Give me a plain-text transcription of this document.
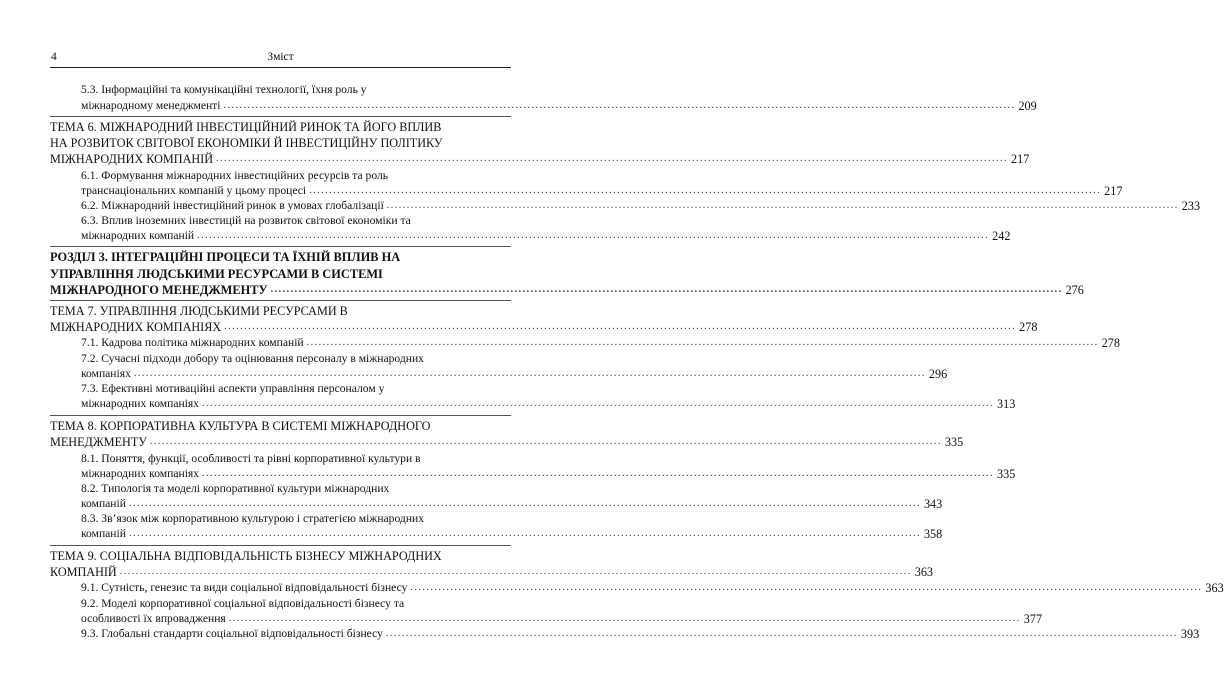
4	Зміст
5.3. Інформаційні та комунікаційні технології, їхня роль у
міжнародному менеджменті ...................................................................................................................................................................................................... 209
ТЕМА 6. МІЖНАРОДНИЙ ІНВЕСТИЦІЙНИЙ РИНОК ТА ЙОГО ВПЛИВ
НА РОЗВИТОК СВІТОВОЇ ЕКОНОМІКИ Й ІНВЕСТИЦІЙНУ ПОЛІТИКУ
МІЖНАРОДНИХ КОМПАНІЙ ...................................................................................................................................................................................................... 217
6.1. Формування міжнародних інвестиційних ресурсів та роль
транснаціональних компаній у цьому процесі ...................................................................................................................................................................................................... 217
6.2. Міжнародний інвестиційний ринок в умовах глобалізації ...................................................................................................................................................................................................... 233
6.3. Вплив іноземних інвестицій на розвиток світової економіки та
міжнародних компаній ...................................................................................................................................................................................................... 242
РОЗДІЛ 3. ІНТЕГРАЦІЙНІ ПРОЦЕСИ ТА ЇХНІЙ ВПЛИВ НА
УПРАВЛІННЯ ЛЮДСЬКИМИ РЕСУРСАМИ В СИСТЕМІ
МІЖНАРОДНОГО МЕНЕДЖМЕНТУ ...................................................................................................................................................................................................... 276
ТЕМА 7. УПРАВЛІННЯ ЛЮДСЬКИМИ РЕСУРСАМИ В
МІЖНАРОДНИХ КОМПАНІЯХ ...................................................................................................................................................................................................... 278
7.1. Кадрова політика міжнародних компаній ...................................................................................................................................................................................................... 278
7.2. Сучасні підходи добору та оцінювання персоналу в міжнародних
компаніях ...................................................................................................................................................................................................... 296
7.3. Ефективні мотиваційні аспекти управління персоналом у
міжнародних компаніях ...................................................................................................................................................................................................... 313
ТЕМА 8. КОРПОРАТИВНА КУЛЬТУРА В СИСТЕМІ МІЖНАРОДНОГО
МЕНЕДЖМЕНТУ ...................................................................................................................................................................................................... 335
8.1. Поняття, функції, особливості та рівні корпоративної культури в
міжнародних компаніях ...................................................................................................................................................................................................... 335
8.2. Типологія та моделі корпоративної культури міжнародних
компаній ...................................................................................................................................................................................................... 343
8.3. Зв’язок між корпоративною культурою і стратегією міжнародних
компаній ...................................................................................................................................................................................................... 358
ТЕМА 9. СОЦІАЛЬНА ВІДПОВІДАЛЬНІСТЬ БІЗНЕСУ МІЖНАРОДНИХ
КОМПАНІЙ ...................................................................................................................................................................................................... 363
9.1. Сутність, генезис та види соціальної відповідальності бізнесу ...................................................................................................................................................................................................... 363
9.2. Моделі корпоративної соціальної відповідальності бізнесу та
особливості їх впровадження ...................................................................................................................................................................................................... 377
9.3. Глобальні стандарти соціальної відповідальності бізнесу ...................................................................................................................................................................................................... 393
